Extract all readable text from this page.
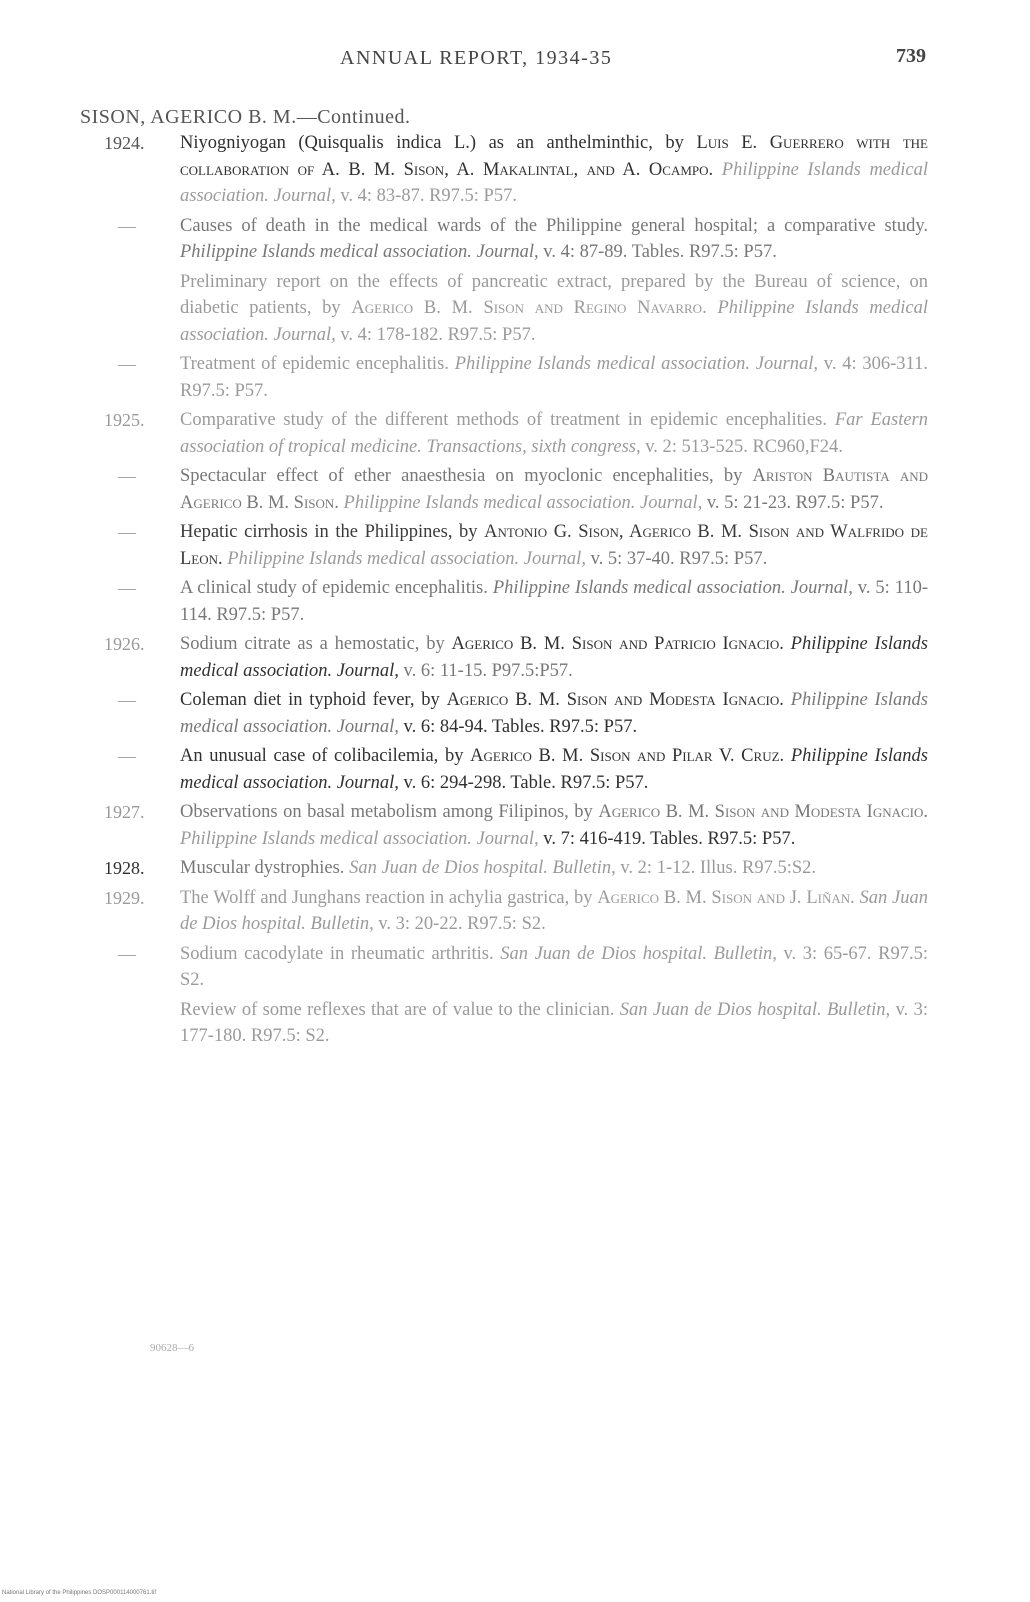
ANNUAL REPORT, 1934-35	739
SISON, AGERICO B. M.—Continued.
1924.	Niyogniyogan (Quisqualis indica L.) as an anthelminthic, by Luis E. Guerrero with the collaboration of A. B. M. Sison, A. Makalintal, and A. Ocampo. Philippine Islands medical association. Journal, v. 4: 83-87. R97.5: P57.
—	Causes of death in the medical wards of the Philippine general hospital; a comparative study. Philippine Islands medical association. Journal, v. 4: 87-89. Tables. R97.5: P57.
Preliminary report on the effects of pancreatic extract, prepared by the Bureau of science, on diabetic patients, by Agerico B. M. Sison and Regino Navarro. Philippine Islands medical association. Journal, v. 4: 178-182. R97.5: P57.
—	Treatment of epidemic encephalitis. Philippine Islands medical association. Journal, v. 4: 306-311. R97.5: P57.
1925.	Comparative study of the different methods of treatment in epidemic encephalities. Far Eastern association of tropical medicine. Transactions, sixth congress, v. 2: 513-525. RC960,F24.
—	Spectacular effect of ether anaesthesia on myoclonic encephalities, by Ariston Bautista and Agerico B. M. Sison. Philippine Islands medical association. Journal, v. 5: 21-23. R97.5: P57.
—	Hepatic cirrhosis in the Philippines, by Antonio G. Sison, Agerico B. M. Sison and Walfrido de Leon. Philippine Islands medical association. Journal, v. 5: 37-40. R97.5: P57.
—	A clinical study of epidemic encephalitis. Philippine Islands medical association. Journal, v. 5: 110-114. R97.5: P57.
1926.	Sodium citrate as a hemostatic, by Agerico B. M. Sison and Patricio Ignacio. Philippine Islands medical association. Journal, v. 6: 11-15. P97.5:P57.
—	Coleman diet in typhoid fever, by Agerico B. M. Sison and Modesta Ignacio. Philippine Islands medical association. Journal, v. 6: 84-94. Tables. R97.5: P57.
—	An unusual case of colibacilemia, by Agerico B. M. Sison and Pilar V. Cruz. Philippine Islands medical association. Journal, v. 6: 294-298. Table. R97.5: P57.
1927.	Observations on basal metabolism among Filipinos, by Agerico B. M. Sison and Modesta Ignacio. Philippine Islands medical association. Journal, v. 7: 416-419. Tables. R97.5: P57.
1928.	Muscular dystrophies. San Juan de Dios hospital. Bulletin, v. 2: 1-12. Illus. R97.5:S2.
1929.	The Wolff and Junghans reaction in achylia gastrica, by Agerico B. M. Sison and J. Liñan. San Juan de Dios hospital. Bulletin, v. 3: 20-22. R97.5: S2.
—	Sodium cacodylate in rheumatic arthritis. San Juan de Dios hospital. Bulletin, v. 3: 65-67. R97.5: S2.
Review of some reflexes that are of value to the clinician. San Juan de Dios hospital. Bulletin, v. 3: 177-180. R97.5: S2.
90628—6
National Library of the Philippines DOSP000114000761.tif
